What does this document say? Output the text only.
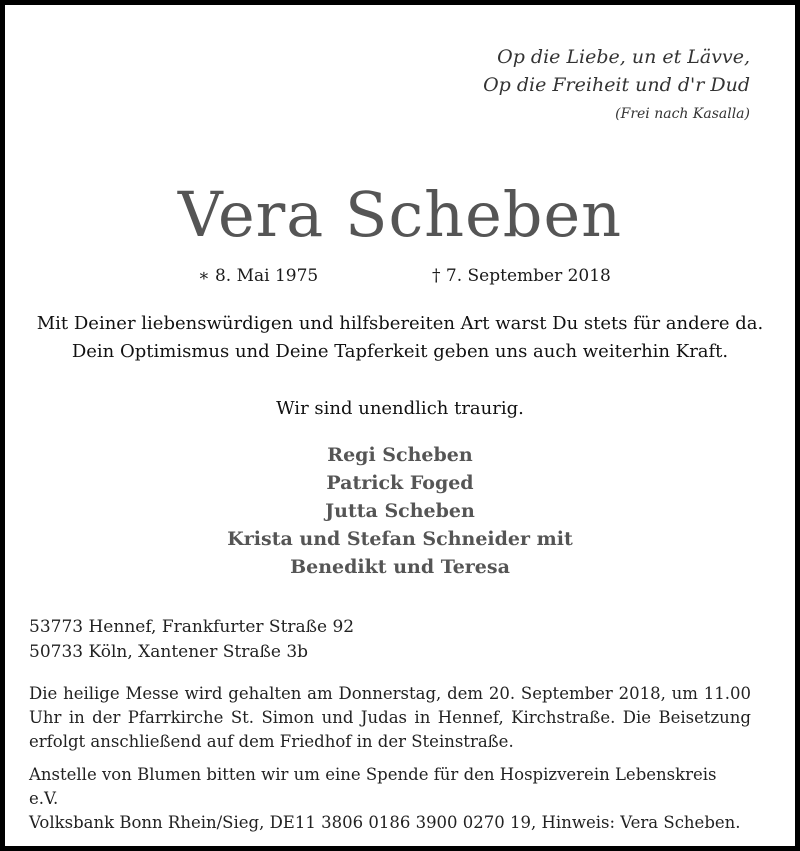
Op die Liebe, un et Lävve,
Op die Freiheit und d'r Dud
(Frei nach Kasalla)
Vera Scheben
∗ 8. Mai 1975	† 7. September 2018
Mit Deiner liebenswürdigen und hilfsbereiten Art warst Du stets für andere da.
Dein Optimismus und Deine Tapferkeit geben uns auch weiterhin Kraft.
Wir sind unendlich traurig.
Regi Scheben
Patrick Foged
Jutta Scheben
Krista und Stefan Schneider mit
Benedikt und Teresa
53773 Hennef, Frankfurter Straße 92
50733 Köln, Xantener Straße 3b
Die heilige Messe wird gehalten am Donnerstag, dem 20. September 2018, um 11.00 Uhr in der Pfarrkirche St. Simon und Judas in Hennef, Kirchstraße. Die Beisetzung erfolgt anschließend auf dem Friedhof in der Steinstraße.
Anstelle von Blumen bitten wir um eine Spende für den Hospizverein Lebenskreis e.V.
Volksbank Bonn Rhein/Sieg, DE11 3806 0186 3900 0270 19, Hinweis: Vera Scheben.
